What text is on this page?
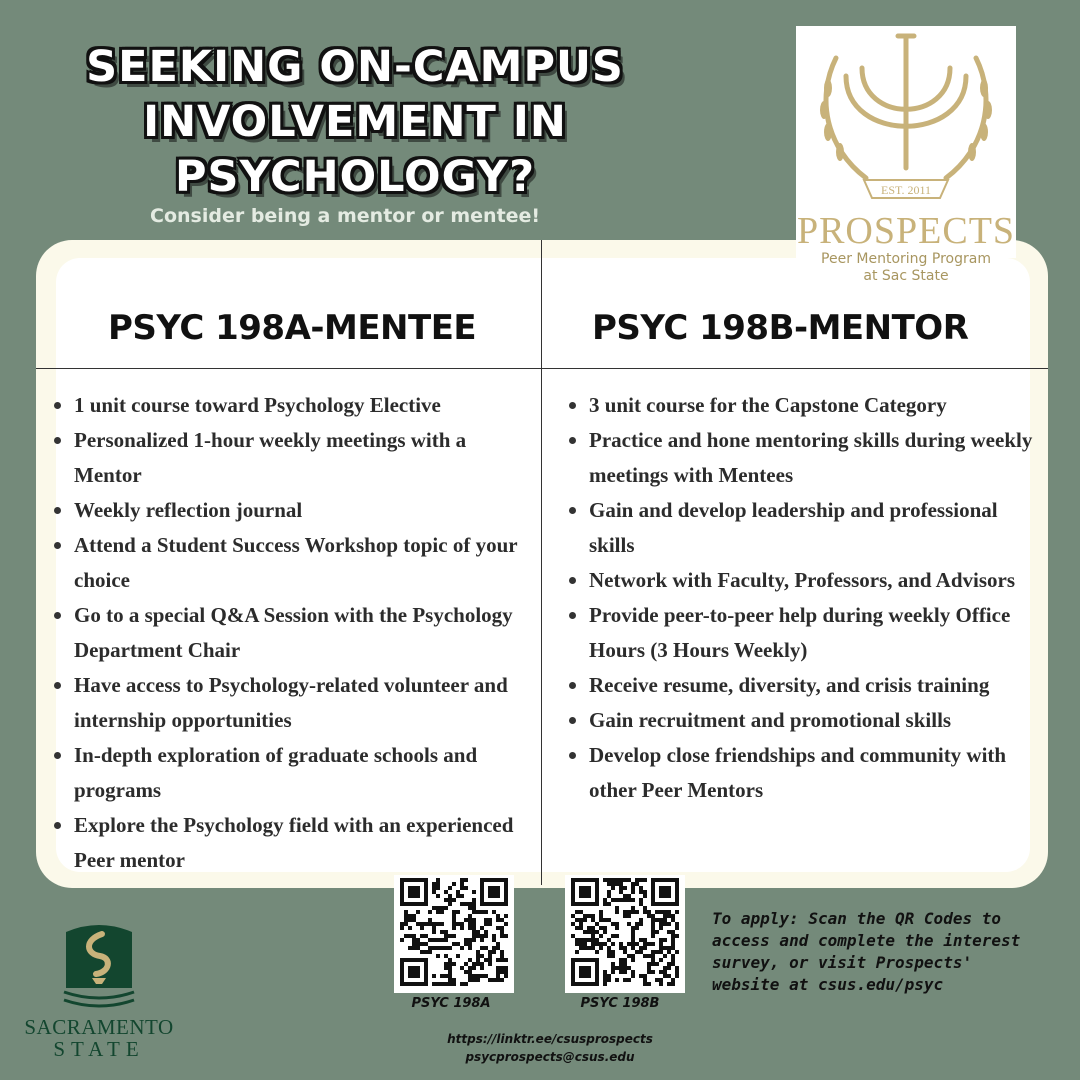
SEEKING ON-CAMPUS
INVOLVEMENT IN
PSYCHOLOGY?

Consider being a mentor or mentee!

EST. 2011
PROSPECTS
Peer Mentoring Program
at Sac State
PSYC 198A-MENTEE	PSYC 198B-MENTOR
1 unit course toward Psychology Elective
Personalized 1-hour weekly meetings with a Mentor
Weekly reflection journal
Attend a Student Success Workshop topic of your choice
Go to a special Q&A Session with the Psychology Department Chair
Have access to Psychology-related volunteer and internship opportunities
In-depth exploration of graduate schools and programs
Explore the Psychology field with an experienced Peer mentor
3 unit course for the Capstone Category
Practice and hone mentoring skills during weekly meetings with Mentees
Gain and develop leadership and professional skills
Network with Faculty, Professors, and Advisors
Provide peer-to-peer help during weekly Office Hours (3 Hours Weekly)
Receive resume, diversity, and crisis training
Gain recruitment and promotional skills
Develop close friendships and community with other Peer Mentors
PSYC 198A	PSYC 198B

To apply: Scan the QR Codes to access and complete the interest survey, or visit Prospects' website at csus.edu/psyc

https://linktr.ee/csusprospects
psycprospects@csus.edu
SACRAMENTO
STATE
